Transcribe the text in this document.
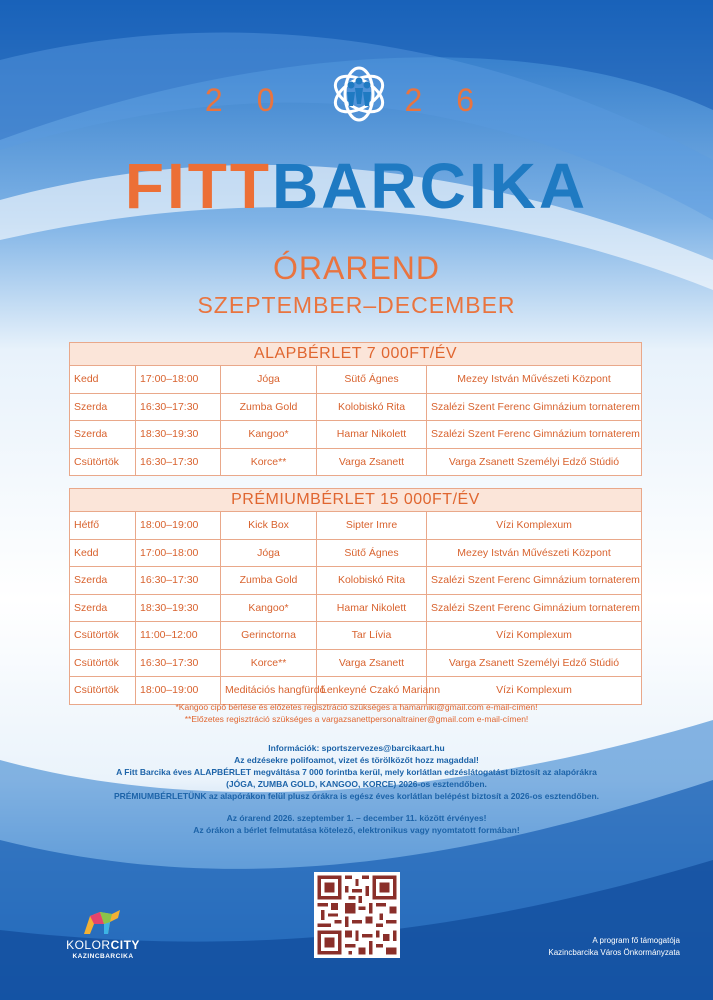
20	26
FITTBARCIKA
ÓRAREND
SZEPTEMBER–DECEMBER
ALAPBÉRLET 7 000FT/ÉV				
Kedd	17:00–18:00	Jóga	Sütő Ágnes	Mezey István Művészeti Központ
Szerda	16:30–17:30	Zumba Gold	Kolobiskó Rita	Szalézi Szent Ferenc Gimnázium tornaterem
Szerda	18:30–19:30	Kangoo*	Hamar Nikolett	Szalézi Szent Ferenc Gimnázium tornaterem
Csütörtök	16:30–17:30	Korce**	Varga Zsanett	Varga Zsanett Személyi Edző Stúdió
PRÉMIUMBÉRLET 15 000FT/ÉV				
Hétfő	18:00–19:00	Kick Box	Sipter Imre	Vízi Komplexum
Kedd	17:00–18:00	Jóga	Sütő Ágnes	Mezey István Művészeti Központ
Szerda	16:30–17:30	Zumba Gold	Kolobiskó Rita	Szalézi Szent Ferenc Gimnázium tornaterem
Szerda	18:30–19:30	Kangoo*	Hamar Nikolett	Szalézi Szent Ferenc Gimnázium tornaterem
Csütörtök	11:00–12:00	Gerinctorna	Tar Lívia	Vízi Komplexum
Csütörtök	16:30–17:30	Korce**	Varga Zsanett	Varga Zsanett Személyi Edző Stúdió
Csütörtök	18:00–19:00	Meditációs hangfürdő	Lenkeyné Czakó Mariann	Vízi Komplexum
*Kangoo cipő bérlése és előzetes regisztráció szükséges a hamarniki@gmail.com e-mail-címen!
**Előzetes regisztráció szükséges a vargazsanettpersonaltrainer@gmail.com e-mail-címen!
Információk: sportszervezes@barcikaart.hu
Az edzésekre polifoamot, vizet és törölközőt hozz magaddal!
A Fitt Barcika éves ALAPBÉRLET megváltása 7 000 forintba kerül, mely korlátlan edzéslátogatást biztosít az alapórákra
(JÓGA, ZUMBA GOLD, KANGOO, KORCE) 2026-os esztendőben.
PRÉMIUMBÉRLETÜNK az alapórákon felül plusz órákra is egész éves korlátlan belépést biztosít a 2026-os esztendőben.
Az órarend 2026. szeptember 1. – december 11. között érvényes!
Az órákon a bérlet felmutatása kötelező, elektronikus vagy nyomtatott formában!
KOLORCITY
KAZINCBARCIKA
A program fő támogatója
Kazincbarcika Város Önkormányzata
